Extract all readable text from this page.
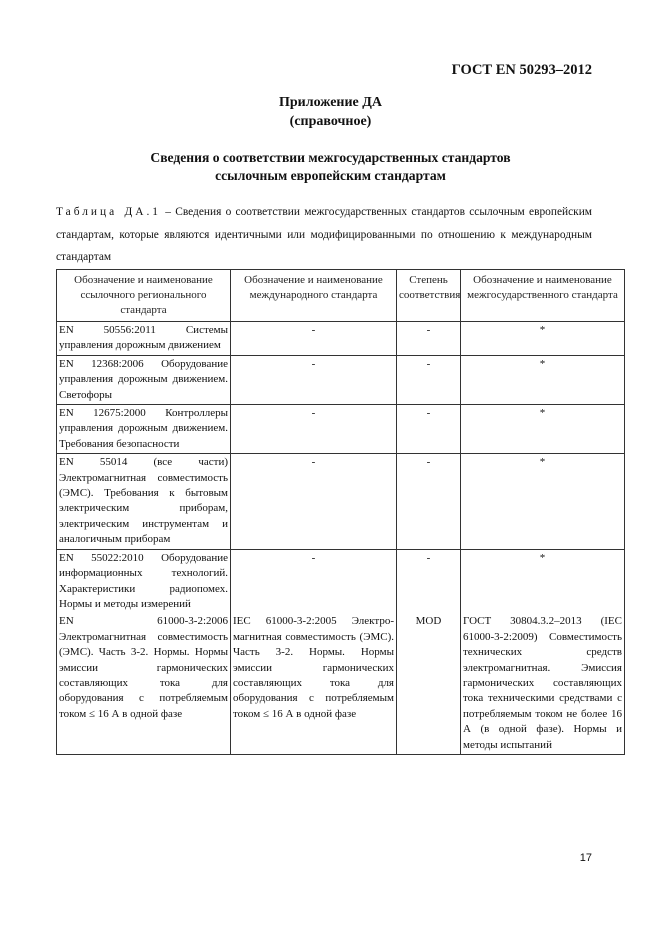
ГОСТ EN 50293–2012
Приложение ДА
(справочное)
Сведения о соответствии межгосударственных стандартов
ссылочным европейским стандартам
Таблица ДА.1 – Сведения о соответствии межгосударственных стандартов ссылочным европейским стандартам, которые являются идентичными или модифицированными по отношению к международным стандартам
Обозначение и наименование ссылочного регионального стандарта	Обозначение и наименование международного стандарта	Степень соответствия	Обозначение и наименование межгосударственного стандарта
EN 50556:2011 Системы управления дорожным движением	-	-	*
EN 12368:2006 Оборудование управления дорожным движением. Светофоры	-	-	*
EN 12675:2000 Контроллеры управления дорожным движением. Требования безопасности	-	-	*
EN 55014 (все части) Электромагнитная совместимость (ЭМС). Требования к бытовым электрическим приборам, электрическим инструментам и аналогичным приборам	-	-	*
EN 55022:2010 Оборудование информационных технологий. Характеристики радиопомех. Нормы и методы измерений	-	-	*
EN 61000-3-2:2006 Электромагнитная совместимость (ЭМС). Часть 3-2. Нормы. Нормы эмиссии гармонических составляющих тока для оборудования с потребляемым током ≤ 16 А в одной фазе	IEC 61000-3-2:2005 Электро-магнитная совместимость (ЭМС). Часть 3-2. Нормы. Нормы эмиссии гармонических составляющих тока для оборудования с потребляемым током ≤ 16 А в одной фазе	MOD	ГОСТ 30804.3.2–2013 (IEC 61000-3-2:2009) Совместимость технических средств электромагнитная. Эмиссия гармонических составляющих тока техническими средствами с потребляемым током не более 16 А (в одной фазе). Нормы и методы испытаний
17
